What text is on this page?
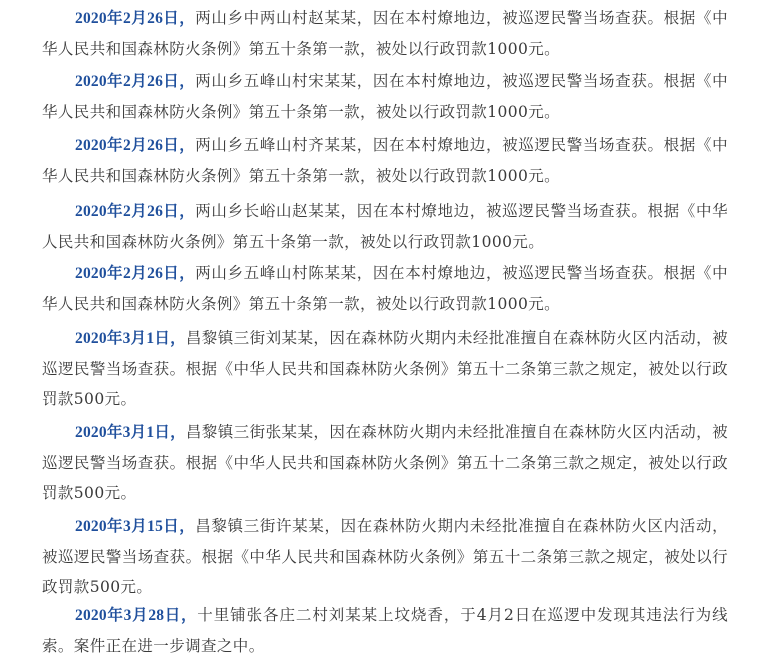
2020年2月26日，两山乡中两山村赵某某，因在本村燎地边，被巡逻民警当场查获。根据《中华人民共和国森林防火条例》第五十条第一款，被处以行政罚款1000元。

2020年2月26日，两山乡五峰山村宋某某，因在本村燎地边，被巡逻民警当场查获。根据《中华人民共和国森林防火条例》第五十条第一款，被处以行政罚款1000元。

2020年2月26日，两山乡五峰山村齐某某，因在本村燎地边，被巡逻民警当场查获。根据《中华人民共和国森林防火条例》第五十条第一款，被处以行政罚款1000元。

2020年2月26日，两山乡长峪山赵某某，因在本村燎地边，被巡逻民警当场查获。根据《中华人民共和国森林防火条例》第五十条第一款，被处以行政罚款1000元。

2020年2月26日，两山乡五峰山村陈某某，因在本村燎地边，被巡逻民警当场查获。根据《中华人民共和国森林防火条例》第五十条第一款，被处以行政罚款1000元。

2020年3月1日，昌黎镇三街刘某某，因在森林防火期内未经批准擅自在森林防火区内活动，被巡逻民警当场查获。根据《中华人民共和国森林防火条例》第五十二条第三款之规定，被处以行政罚款500元。

2020年3月1日，昌黎镇三街张某某，因在森林防火期内未经批准擅自在森林防火区内活动，被巡逻民警当场查获。根据《中华人民共和国森林防火条例》第五十二条第三款之规定，被处以行政罚款500元。

2020年3月15日，昌黎镇三街许某某，因在森林防火期内未经批准擅自在森林防火区内活动，被巡逻民警当场查获。根据《中华人民共和国森林防火条例》第五十二条第三款之规定，被处以行政罚款500元。

2020年3月28日，十里铺张各庄二村刘某某上坟烧香，于4月2日在巡逻中发现其违法行为线索。案件正在进一步调查之中。
